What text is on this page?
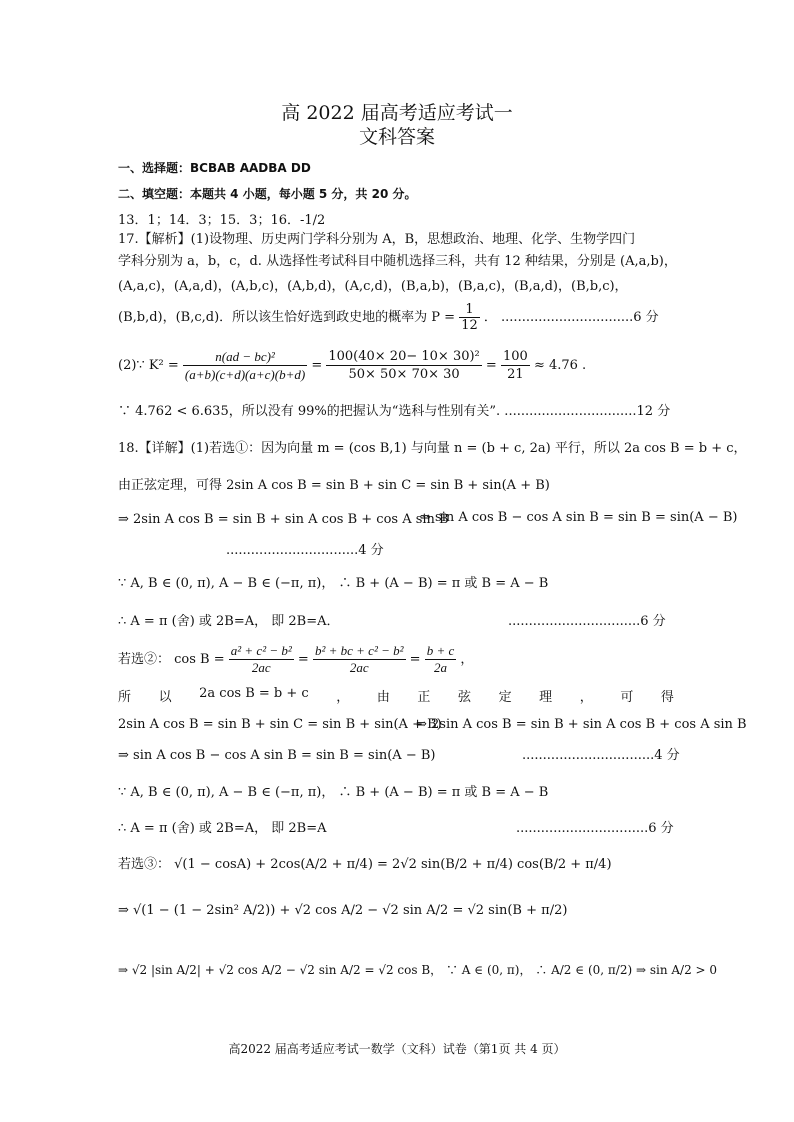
高 2022 届高考适应考试一
文科答案
一、选择题：BCBAB AADBA DD
二、填空题：本题共 4 小题，每小题 5 分，共 20 分。
13．1；14．3；15．3；16．-1/2
17.【解析】(1)设物理、历史两门学科分别为 A，B，思想政治、地理、化学、生物学四门
学科分别为 a，b，c，d. 从选择性考试科目中随机选择三科，共有 12 种结果，分别是 (A,a,b)，
(A,a,c)，(A,a,d)，(A,b,c)，(A,b,d)，(A,c,d)，(B,a,b)，(B,a,c)，(B,a,d)，(B,b,c)，
(B,b,d)，(B,c,d)．所以该生恰好选到政史地的概率为 $P = \frac{1}{12}$ ． ................................6 分
(2)∵ $K^2 = \frac{\text{n(ad − bc)²}}{(a+b)(c+d)(a+c)(b+d)} = \frac{\text{100(40× 20− 10× 30)²}}{50\times 50\times 70\times 30} = \frac{100}{21} \approx 4.76$ .
∵ 4.762 < 6.635，所以没有 99%的把握认为“选科与性别有关”. ................................12 分
18.【详解】(1)若选①：因为向量 m = (cos B,1) 与向量 n = (b + c, 2a) 平行，所以 2a cos B = b + c，
由正弦定理，可得 2sin A cos B = sin B + sin C = sin B + sin(A + B)
⇒ 2sin A cos B = sin B + sin A cos B + cos A sin B
⇒ sin A cos B − cos A sin B = sin B = sin(A − B)
................................4 分
∵ A, B ∈ (0, π), A − B ∈ (−π, π)， ∴ B + (A − B) = π 或 B = A − B
∴ A = π (舍) 或 2B=A， 即 2B=A．	................................6 分
若选②： $\cos B = \frac{\text{a² + c² − b²}}{2ac} = \frac{\text{b² + bc + c² − b²}}{2ac} = \frac{b + c}{2a}$ ，
所 以 2a cos B = b + c ， 由 正 弦 定 理 ， 可 得
2sin A cos B = sin B + sin C = sin B + sin(A + B)
⇒ 2sin A cos B = sin B + sin A cos B + cos A sin B
⇒ sin A cos B − cos A sin B = sin B = sin(A − B)	................................4 分
∵ A, B ∈ (0, π), A − B ∈ (−π, π)， ∴ B + (A − B) = π 或 B = A − B
∴ A = π (舍) 或 2B=A， 即 2B=A	................................6 分
若选③： √(1 − cosA) + 2cos(A/2 + π/4) = 2√2 sin(B/2 + π/4) cos(B/2 + π/4)
⇒ √(1 − (1 − 2sin² A/2)) + √2 cos A/2 − √2 sin A/2 = √2 sin(B + π/2)
⇒ √2 |sin A/2| + √2 cos A/2 − √2 sin A/2 = √2 cos B， ∵ A ∈ (0, π)， ∴ A/2 ∈ (0, π/2) ⇒ sin A/2 > 0
高2022 届高考适应考试一数学（文科）试卷（第1页 共 4 页）
